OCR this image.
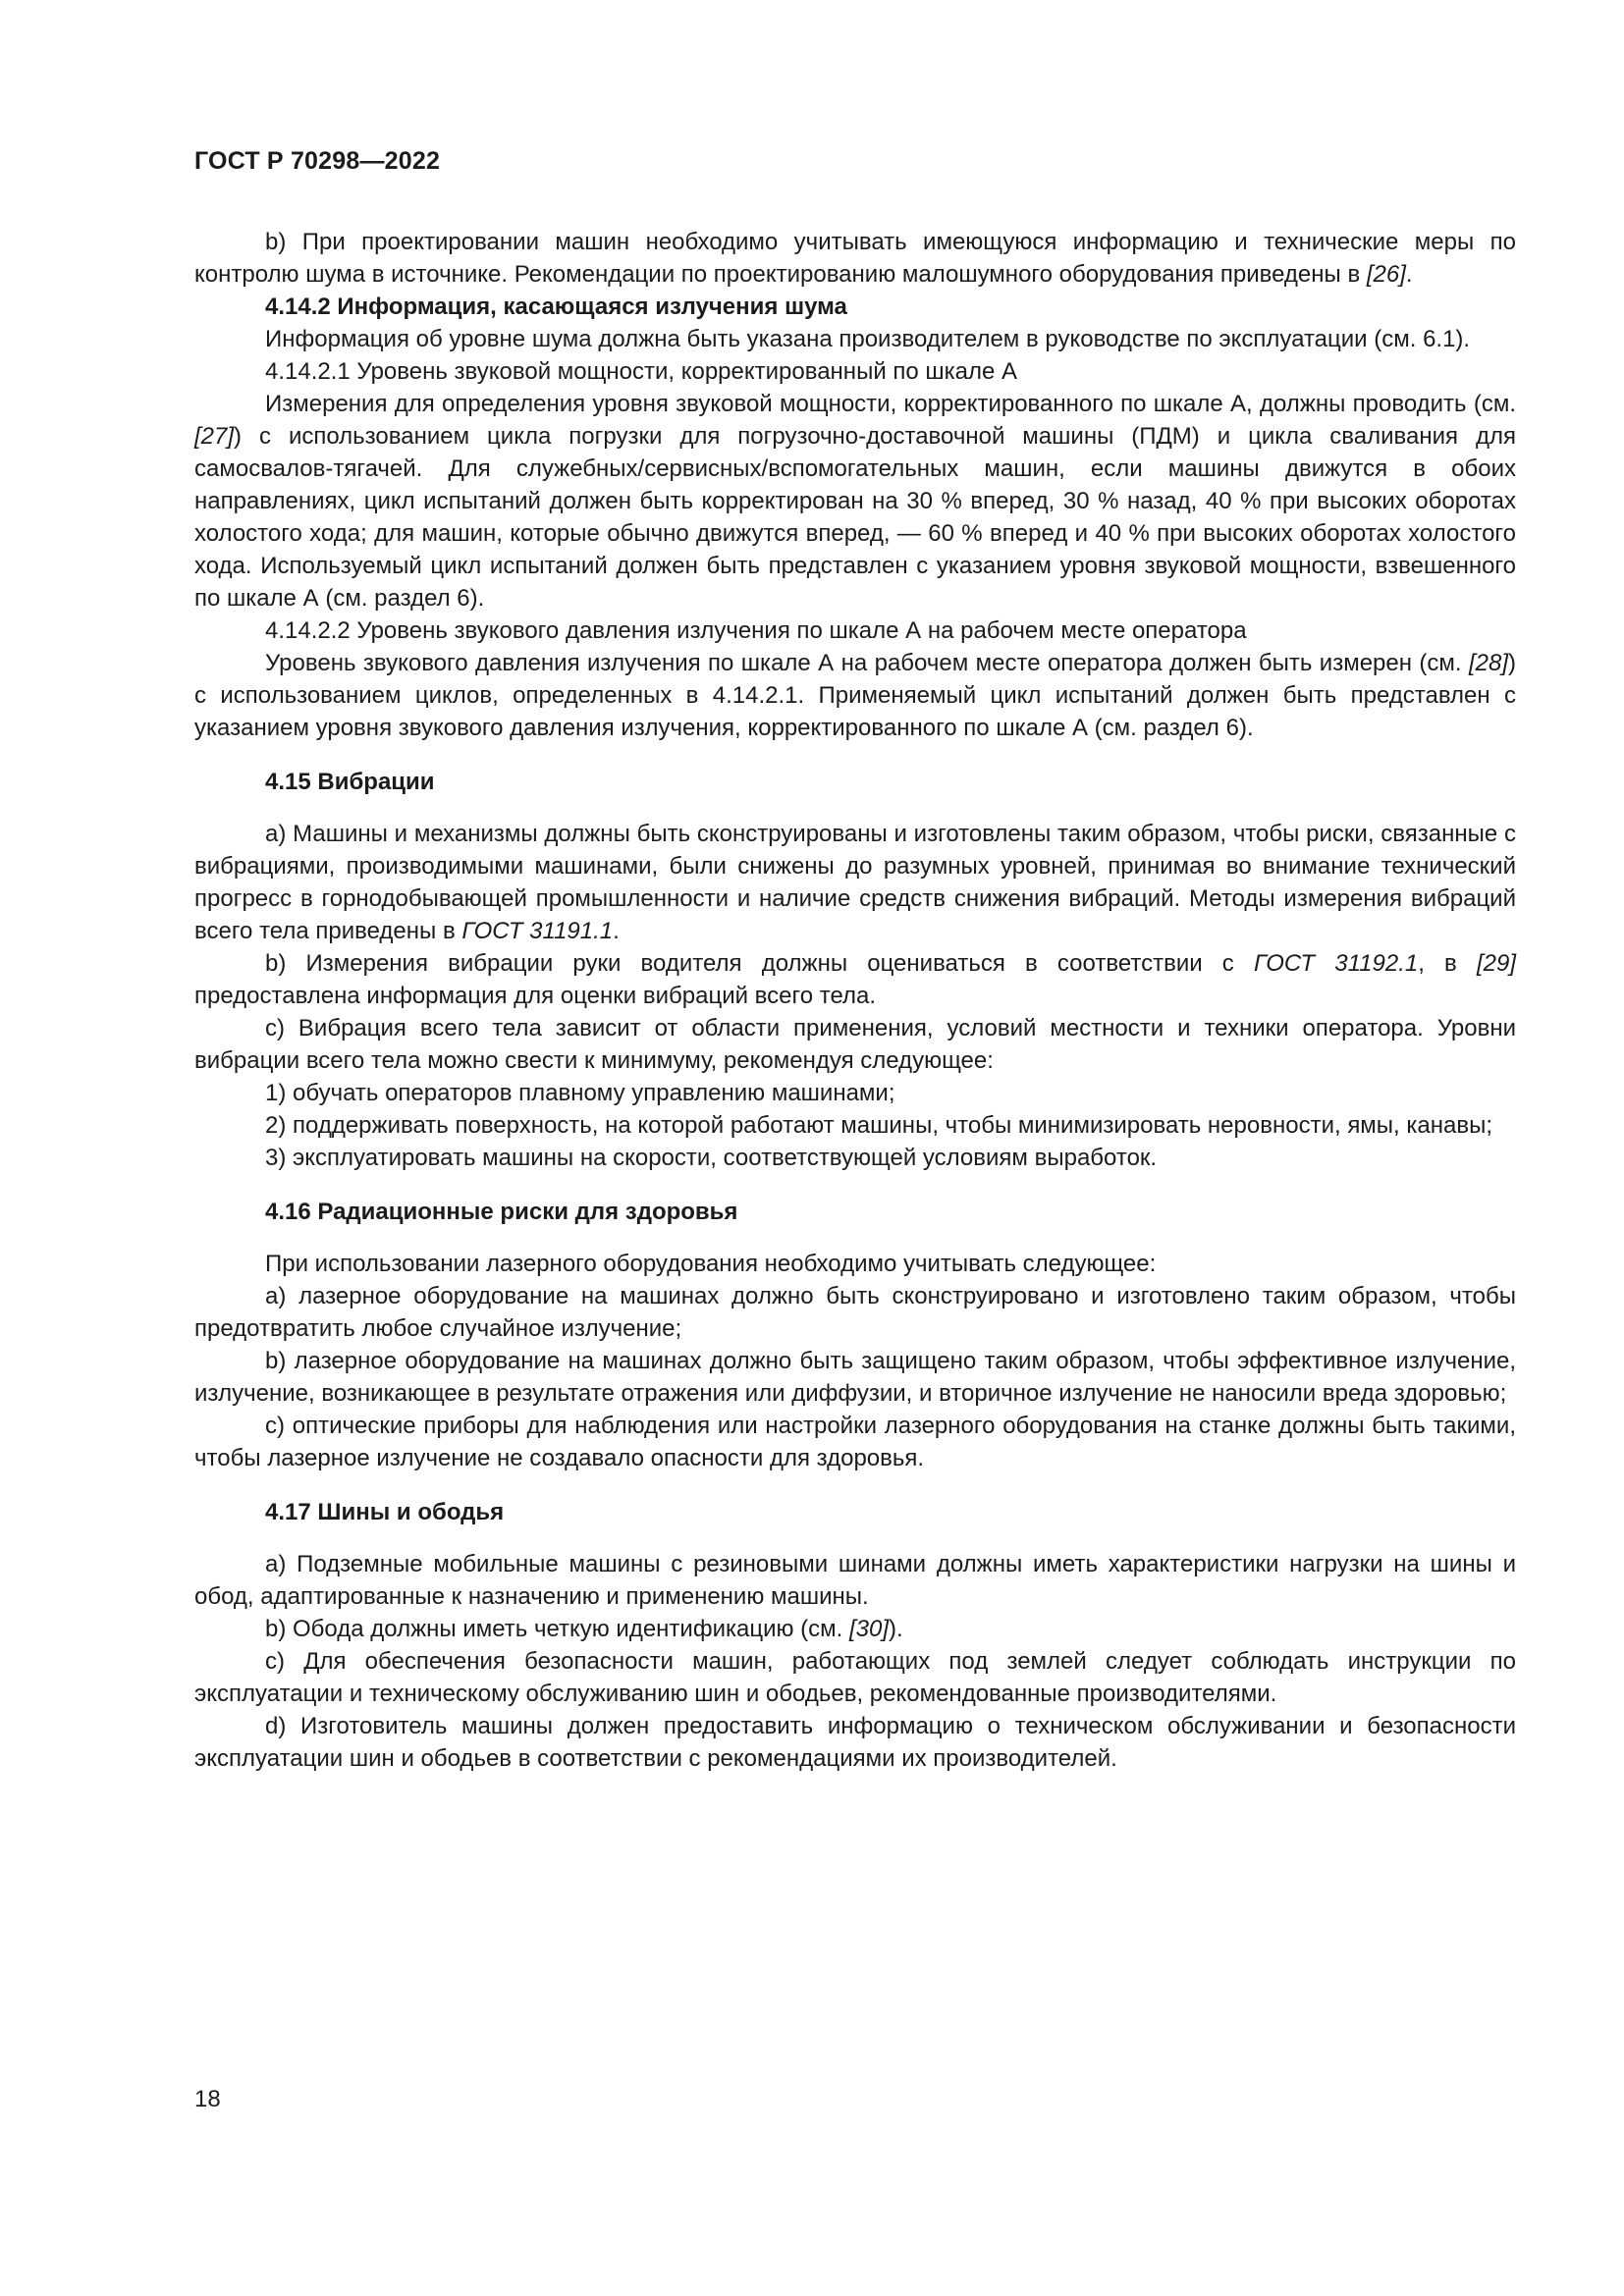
ГОСТ Р 70298—2022

b) При проектировании машин необходимо учитывать имеющуюся информацию и технические меры по контролю шума в источнике. Рекомендации по проектированию малошумного оборудования приведены в [26].

4.14.2 Информация, касающаяся излучения шума

Информация об уровне шума должна быть указана производителем в руководстве по эксплуатации (см. 6.1).

4.14.2.1 Уровень звуковой мощности, корректированный по шкале А

Измерения для определения уровня звуковой мощности, корректированного по шкале А, должны проводить (см. [27]) с использованием цикла погрузки для погрузочно-доставочной машины (ПДМ) и цикла сваливания для самосвалов-тягачей. Для служебных/сервисных/вспомогательных машин, если машины движутся в обоих направлениях, цикл испытаний должен быть корректирован на 30 % вперед, 30 % назад, 40 % при высоких оборотах холостого хода; для машин, которые обычно движутся вперед, — 60 % вперед и 40 % при высоких оборотах холостого хода. Используемый цикл испытаний должен быть представлен с указанием уровня звуковой мощности, взвешенного по шкале А (см. раздел 6).

4.14.2.2 Уровень звукового давления излучения по шкале А на рабочем месте оператора

Уровень звукового давления излучения по шкале А на рабочем месте оператора должен быть измерен (см. [28]) с использованием циклов, определенных в 4.14.2.1. Применяемый цикл испытаний должен быть представлен с указанием уровня звукового давления излучения, корректированного по шкале А (см. раздел 6).

4.15 Вибрации

а) Машины и механизмы должны быть сконструированы и изготовлены таким образом, чтобы риски, связанные с вибрациями, производимыми машинами, были снижены до разумных уровней, принимая во внимание технический прогресс в горнодобывающей промышленности и наличие средств снижения вибраций. Методы измерения вибраций всего тела приведены в ГОСТ 31191.1.

b) Измерения вибрации руки водителя должны оцениваться в соответствии с ГОСТ 31192.1, в [29] предоставлена информация для оценки вибраций всего тела.

с) Вибрация всего тела зависит от области применения, условий местности и техники оператора. Уровни вибрации всего тела можно свести к минимуму, рекомендуя следующее:

1) обучать операторов плавному управлению машинами;

2) поддерживать поверхность, на которой работают машины, чтобы минимизировать неровности, ямы, канавы;

3) эксплуатировать машины на скорости, соответствующей условиям выработок.

4.16 Радиационные риски для здоровья

При использовании лазерного оборудования необходимо учитывать следующее:

а) лазерное оборудование на машинах должно быть сконструировано и изготовлено таким образом, чтобы предотвратить любое случайное излучение;

b) лазерное оборудование на машинах должно быть защищено таким образом, чтобы эффективное излучение, излучение, возникающее в результате отражения или диффузии, и вторичное излучение не наносили вреда здоровью;

с) оптические приборы для наблюдения или настройки лазерного оборудования на станке должны быть такими, чтобы лазерное излучение не создавало опасности для здоровья.

4.17 Шины и ободья

а) Подземные мобильные машины с резиновыми шинами должны иметь характеристики нагрузки на шины и обод, адаптированные к назначению и применению машины.

b) Обода должны иметь четкую идентификацию (см. [30]).

с) Для обеспечения безопасности машин, работающих под землей следует соблюдать инструкции по эксплуатации и техническому обслуживанию шин и ободьев, рекомендованные производителями.

d) Изготовитель машины должен предоставить информацию о техническом обслуживании и безопасности эксплуатации шин и ободьев в соответствии с рекомендациями их производителей.

18
